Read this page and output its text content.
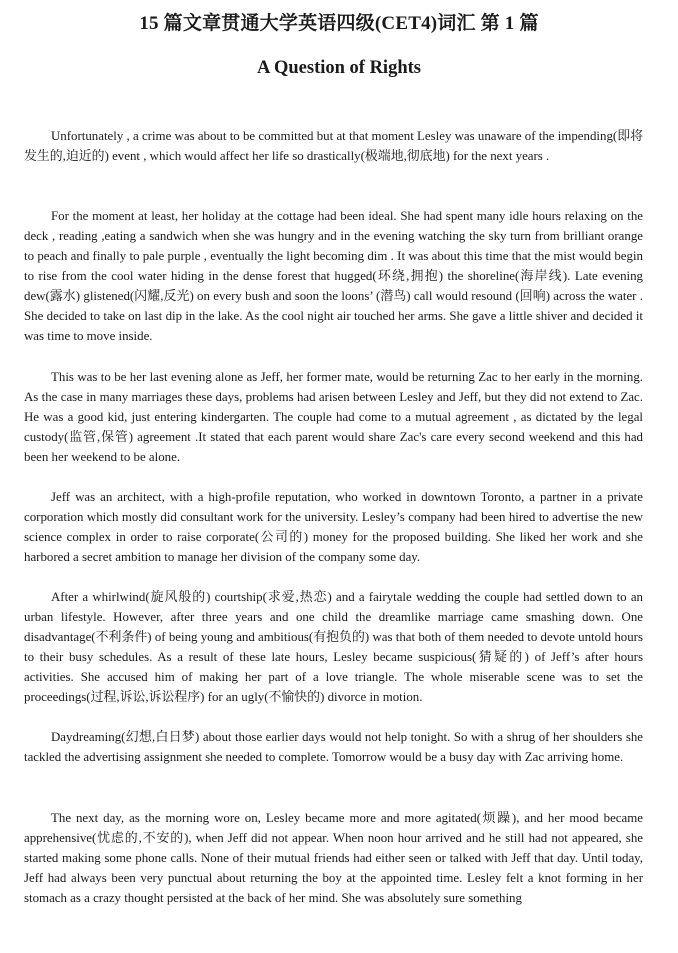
15 篇文章贯通大学英语四级(CET4)词汇 第 1 篇
A Question of Rights

Unfortunately , a crime was about to be committed but at that moment Lesley was unaware of the impending(即将发生的,迫近的) event , which would affect her life so drastically(极端地,彻底地) for the next years .

For the moment at least, her holiday at the cottage had been ideal. She had spent many idle hours relaxing on the deck , reading ,eating a sandwich when she was hungry and in the evening watching the sky turn from brilliant orange to peach and finally to pale purple , eventually the light becoming dim . It was about this time that the mist would begin to rise from the cool water hiding in the dense forest that hugged(环绕,拥抱) the shoreline(海岸线). Late evening dew(露水) glistened(闪耀,反光) on every bush and soon the loons’ (潜鸟) call would resound (回响) across the water . She decided to take on last dip in the lake. As the cool night air touched her arms. She gave a little shiver and decided it was time to move inside.

This was to be her last evening alone as Jeff, her former mate, would be returning Zac to her early in the morning. As the case in many marriages these days, problems had arisen between Lesley and Jeff, but they did not extend to Zac. He was a good kid, just entering kindergarten. The couple had come to a mutual agreement , as dictated by the legal custody(监管,保管) agreement .It stated that each parent would share Zac's care every second weekend and this had been her weekend to be alone.

Jeff was an architect, with a high-profile reputation, who worked in downtown Toronto, a partner in a private corporation which mostly did consultant work for the university. Lesley’s company had been hired to advertise the new science complex in order to raise corporate(公司的) money for the proposed building. She liked her work and she harbored a secret ambition to manage her division of the company some day.

After a whirlwind(旋风般的) courtship(求爱,热恋) and a fairytale wedding the couple had settled down to an urban lifestyle. However, after three years and one child the dreamlike marriage came smashing down. One disadvantage(不利条件) of being young and ambitious(有抱负的) was that both of them needed to devote untold hours to their busy schedules. As a result of these late hours, Lesley became suspicious(猜疑的) of Jeff’s after hours activities. She accused him of making her part of a love triangle. The whole miserable scene was to set the proceedings(过程,诉讼,诉讼程序) for an ugly(不愉快的) divorce in motion.

Daydreaming(幻想,白日梦) about those earlier days would not help tonight. So with a shrug of her shoulders she tackled the advertising assignment she needed to complete. Tomorrow would be a busy day with Zac arriving home.

The next day, as the morning wore on, Lesley became more and more agitated(烦躁), and her mood became apprehensive(忧虑的,不安的), when Jeff did not appear. When noon hour arrived and he still had not appeared, she started making some phone calls. None of their mutual friends had either seen or talked with Jeff that day. Until today, Jeff had always been very punctual about returning the boy at the appointed time. Lesley felt a knot forming in her stomach as a crazy thought persisted at the back of her mind. She was absolutely sure something
